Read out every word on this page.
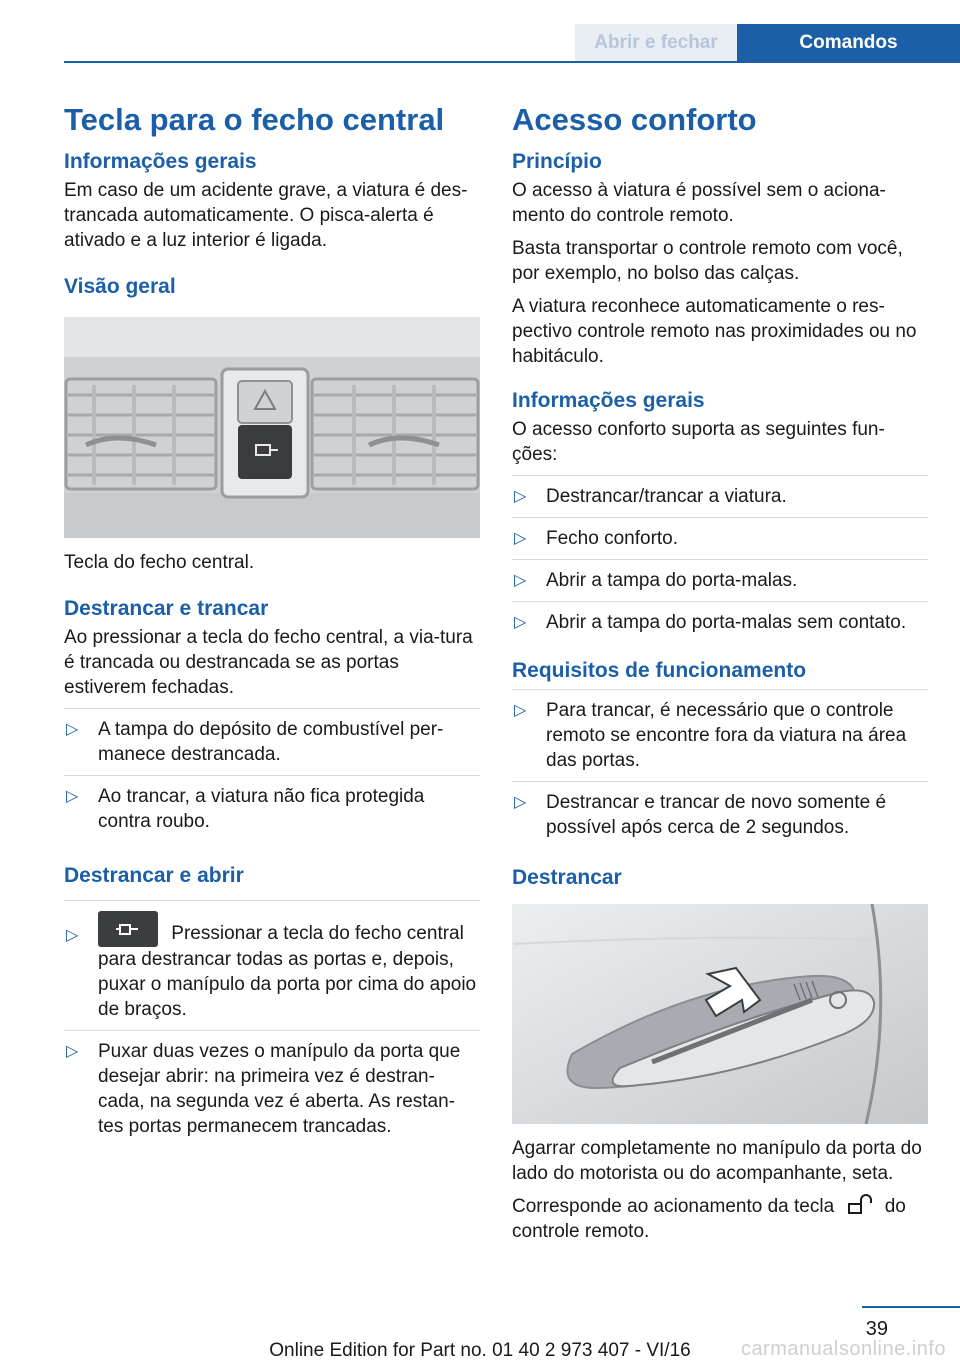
Abrir e fechar	Comandos
Tecla para o fecho central
Informações gerais

Em caso de um acidente grave, a viatura é des‐trancada automaticamente. O pisca-alerta é ativado e a luz interior é ligada.

Visão geral

Tecla do fecho central.

Destrancar e trancar

Ao pressionar a tecla do fecho central, a via‐tura é trancada ou destrancada se as portas estiverem fechadas.

▷ A tampa do depósito de combustível per‐manece destrancada.
▷ Ao trancar, a viatura não fica protegida contra roubo.
Destrancar e abrir
▷	Pressionar a tecla do fecho central para destrancar todas as portas e, depois, puxar o manípulo da porta por cima do apoio de braços.
▷ Puxar duas vezes o manípulo da porta que desejar abrir: na primeira vez é destran‐cada, na segunda vez é aberta. As restan‐tes portas permanecem trancadas.
Acesso conforto
Princípio

O acesso à viatura é possível sem o aciona‐mento do controle remoto.

Basta transportar o controle remoto com você, por exemplo, no bolso das calças.

A viatura reconhece automaticamente o res‐pectivo controle remoto nas proximidades ou no habitáculo.

Informações gerais

O acesso conforto suporta as seguintes fun‐ções:

▷ Destrancar/trancar a viatura.
▷ Fecho conforto.
▷ Abrir a tampa do porta-malas.
▷ Abrir a tampa do porta-malas sem contato.
Requisitos de funcionamento
▷ Para trancar, é necessário que o controle remoto se encontre fora da viatura na área das portas.
▷ Destrancar e trancar de novo somente é possível após cerca de 2 segundos.
Destrancar

Agarrar completamente no manípulo da porta do lado do motorista ou do acompanhante, seta.

Corresponde ao acionamento da tecla	do
controle remoto.

39
Online Edition for Part no. 01 40 2 973 407 - VI/16	carmanualsonline.info
